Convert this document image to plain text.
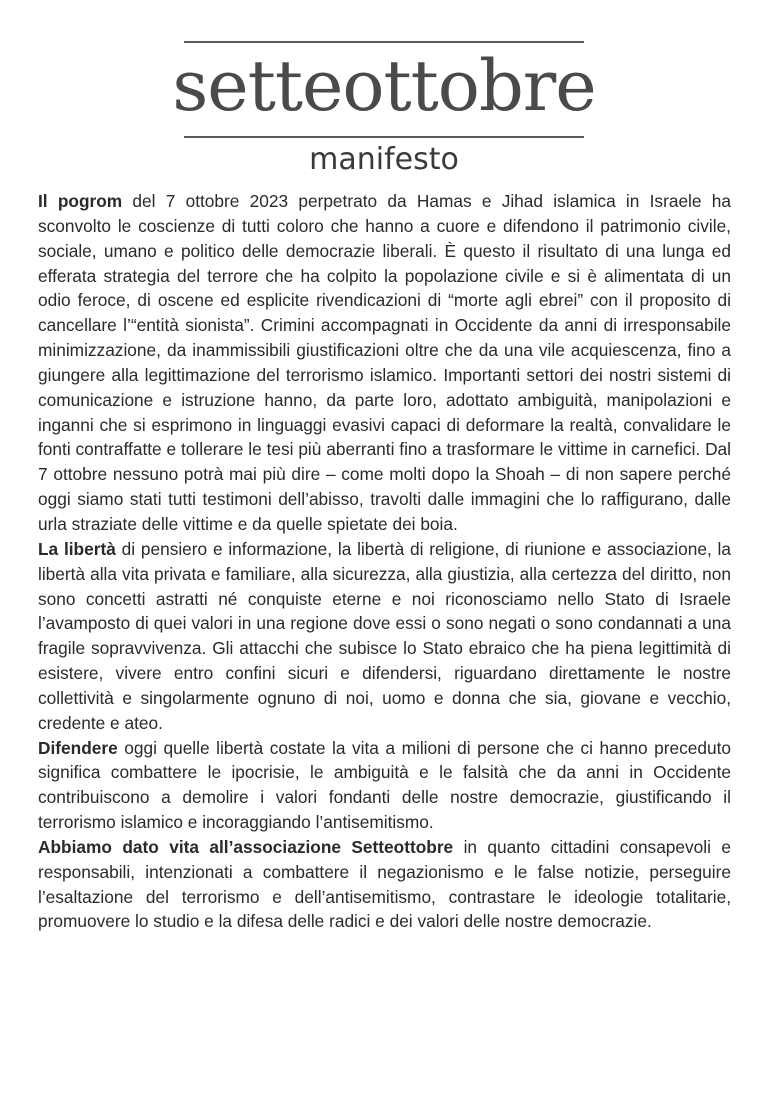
setteottobre
manifesto

Il pogrom del 7 ottobre 2023 perpetrato da Hamas e Jihad islamica in Israele ha sconvolto le coscienze di tutti coloro che hanno a cuore e difendono il patrimonio civile, sociale, umano e politico delle democrazie liberali. È questo il risultato di una lunga ed efferata strategia del terrore che ha colpito la popolazione civile e si è alimentata di un odio feroce, di oscene ed esplicite rivendicazioni di “morte agli ebrei” con il proposito di cancellare l’“entità sionista”. Crimini accompagnati in Occidente da anni di irresponsabile minimizzazione, da inammissibili giustificazioni oltre che da una vile acquiescenza, fino a giungere alla legittimazione del terrorismo islamico. Importanti settori dei nostri sistemi di comunicazione e istruzione hanno, da parte loro, adottato ambiguità, manipolazioni e inganni che si esprimono in linguaggi evasivi capaci di deformare la realtà, convalidare le fonti contraffatte e tollerare le tesi più aberranti fino a trasformare le vittime in carnefici. Dal 7 ottobre nessuno potrà mai più dire – come molti dopo la Shoah – di non sapere perché oggi siamo stati tutti testimoni dell’abisso, travolti dalle immagini che lo raffigurano, dalle urla straziate delle vittime e da quelle spietate dei boia.

La libertà di pensiero e informazione, la libertà di religione, di riunione e associazione, la libertà alla vita privata e familiare, alla sicurezza, alla giustizia, alla certezza del diritto, non sono concetti astratti né conquiste eterne e noi riconosciamo nello Stato di Israele l’avamposto di quei valori in una regione dove essi o sono negati o sono condannati a una fragile sopravvivenza. Gli attacchi che subisce lo Stato ebraico che ha piena legittimità di esistere, vivere entro confini sicuri e difendersi, riguardano direttamente le nostre collettività e singolarmente ognuno di noi, uomo e donna che sia, giovane e vecchio, credente e ateo.

Difendere oggi quelle libertà costate la vita a milioni di persone che ci hanno preceduto significa combattere le ipocrisie, le ambiguità e le falsità che da anni in Occidente contribuiscono a demolire i valori fondanti delle nostre democrazie, giustificando il terrorismo islamico e incoraggiando l’antisemitismo.

Abbiamo dato vita all’associazione Setteottobre in quanto cittadini consapevoli e responsabili, intenzionati a combattere il negazionismo e le false notizie, perseguire l’esaltazione del terrorismo e dell’antisemitismo, contrastare le ideologie totalitarie, promuovere lo studio e la difesa delle radici e dei valori delle nostre democrazie.
